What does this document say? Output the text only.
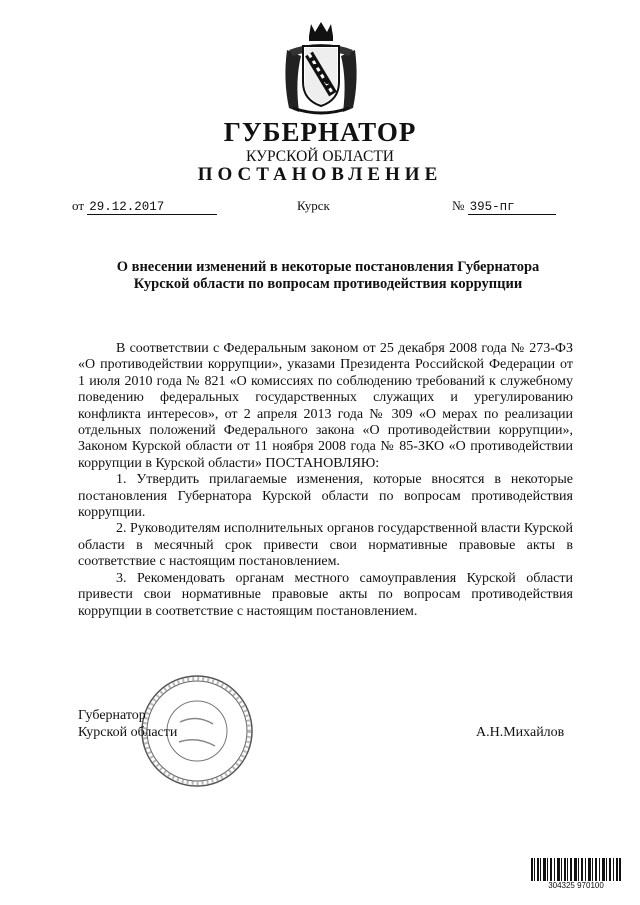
ГУБЕРНАТОР
КУРСКОЙ ОБЛАСТИ
ПОСТАНОВЛЕНИЕ
от 29.12.2017	Курск	№ 395-пг
О внесении изменений в некоторые постановления Губернатора
Курской области по вопросам противодействия коррупции

В соответствии с Федеральным законом от 25 декабря 2008 года № 273-ФЗ «О противодействии коррупции», указами Президента Российской Федерации от 1 июля 2010 года № 821 «О комиссиях по соблюдению требований к служебному поведению федеральных государственных служащих и урегулированию конфликта интересов», от 2 апреля 2013 года № 309 «О мерах по реализации отдельных положений Федерального закона «О противодействии коррупции», Законом Курской области от 11 ноября 2008 года № 85-ЗКО «О противодействии коррупции в Курской области» ПОСТАНОВЛЯЮ:

1. Утвердить прилагаемые изменения, которые вносятся в некоторые постановления Губернатора Курской области по вопросам противодействия коррупции.

2. Руководителям исполнительных органов государственной власти Курской области в месячный срок привести свои нормативные правовые акты в соответствие с настоящим постановлением.

3. Рекомендовать органам местного самоуправления Курской области привести свои нормативные правовые акты по вопросам противодействия коррупции в соответствие с настоящим постановлением.

Губернатор
Курской области	А.Н.Михайлов
304325 970100
